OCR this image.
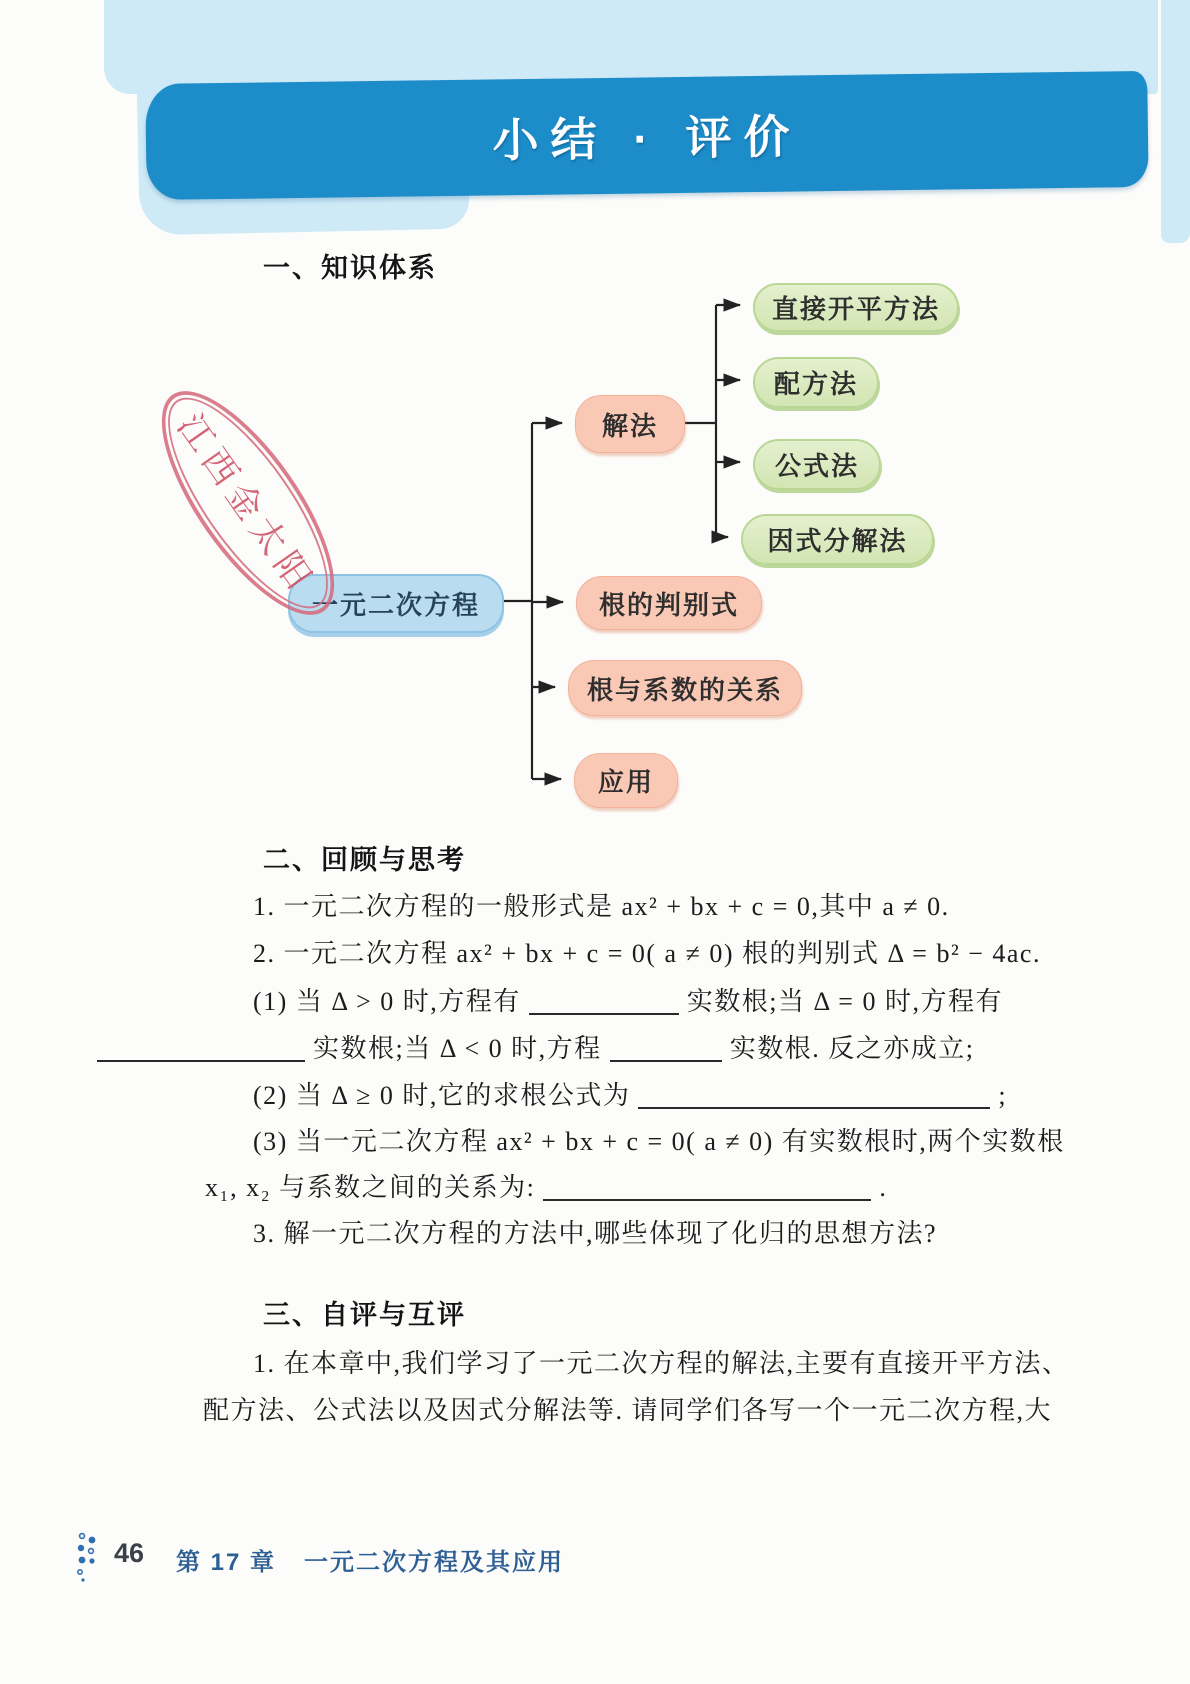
小结 · 评价
一、知识体系
一元二次方程
解法
根的判别式
根与系数的关系
应用
直接开平方法
配方法
公式法
因式分解法
江西金太阳
二、回顾与思考
1. 一元二次方程的一般形式是 ax² + bx + c = 0,其中 a ≠ 0.
2. 一元二次方程 ax² + bx + c = 0( a ≠ 0) 根的判别式 Δ = b² − 4ac.
(1) 当 Δ > 0 时,方程有	实数根;当 Δ = 0 时,方程有
实数根;当 Δ < 0 时,方程	实数根. 反之亦成立;
(2) 当 Δ ≥ 0 时,它的求根公式为	;
(3) 当一元二次方程 ax² + bx + c = 0( a ≠ 0) 有实数根时,两个实数根
x₁, x₂ 与系数之间的关系为:	.
3. 解一元二次方程的方法中,哪些体现了化归的思想方法?
三、自评与互评
1. 在本章中,我们学习了一元二次方程的解法,主要有直接开平方法、
配方法、公式法以及因式分解法等. 请同学们各写一个一元二次方程,大
46 第 17 章 一元二次方程及其应用
